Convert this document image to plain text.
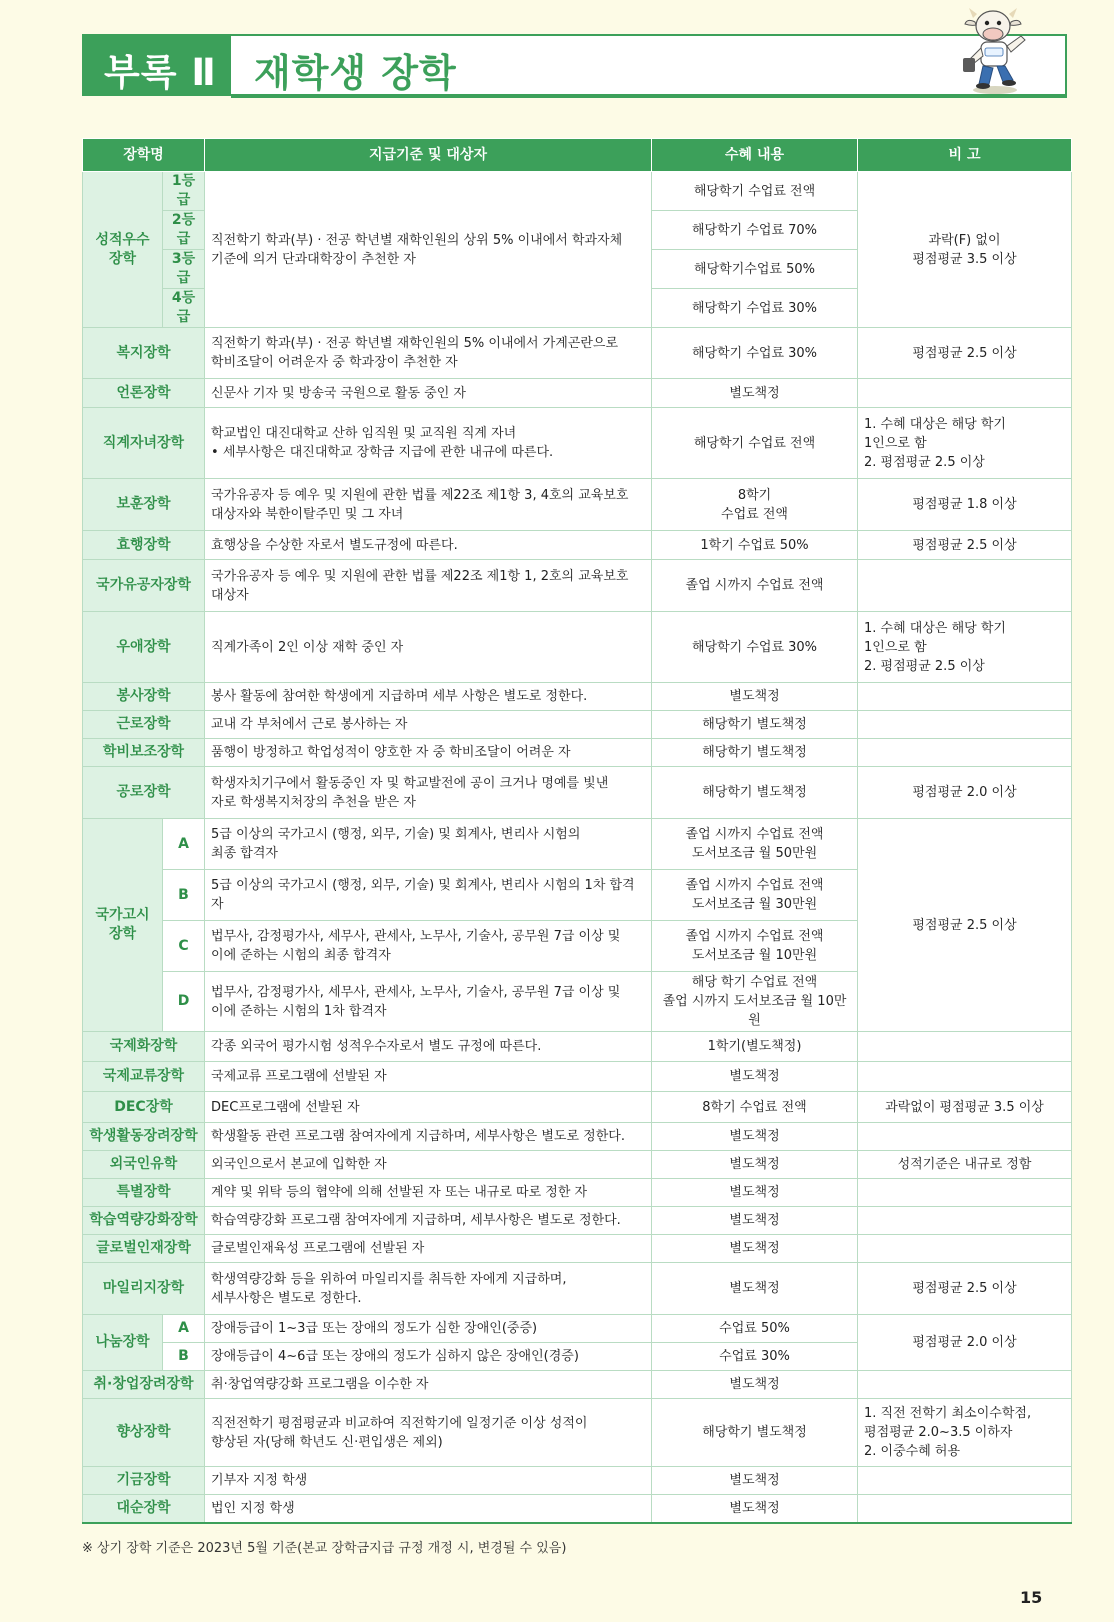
부록 Ⅱ 재학생 장학
장학명		지급기준 및 대상자	수혜 내용	비 고
성적우수
장학	1등급	직전학기 학과(부) · 전공 학년별 재학인원의 상위 5% 이내에서 학과자체
기준에 의거 단과대학장이 추천한 자	해당학기 수업료 전액	과락(F) 없이
평점평균 3.5 이상
	2등급		해당학기 수업료 70%	
	3등급		해당학기수업료 50%	
	4등급		해당학기 수업료 30%	
복지장학		직전학기 학과(부) · 전공 학년별 재학인원의 5% 이내에서 가계곤란으로
학비조달이 어려운자 중 학과장이 추천한 자	해당학기 수업료 30%	평점평균 2.5 이상
언론장학		신문사 기자 및 방송국 국원으로 활동 중인 자	별도책정	
직계자녀장학		학교법인 대진대학교 산하 임직원 및 교직원 직계 자녀
• 세부사항은 대진대학교 장학금 지급에 관한 내규에 따른다.	해당학기 수업료 전액	1. 수혜 대상은 해당 학기
1인으로 함
2. 평점평균 2.5 이상
보훈장학		국가유공자 등 예우 및 지원에 관한 법률 제22조 제1항 3, 4호의 교육보호
대상자와 북한이탈주민 및 그 자녀	8학기
수업료 전액	평점평균 1.8 이상
효행장학		효행상을 수상한 자로서 별도규정에 따른다.	1학기 수업료 50%	평점평균 2.5 이상
국가유공자장학		국가유공자 등 예우 및 지원에 관한 법률 제22조 제1항 1, 2호의 교육보호
대상자	졸업 시까지 수업료 전액	
우애장학		직계가족이 2인 이상 재학 중인 자	해당학기 수업료 30%	1. 수혜 대상은 해당 학기
1인으로 함
2. 평점평균 2.5 이상
봉사장학		봉사 활동에 참여한 학생에게 지급하며 세부 사항은 별도로 정한다.	별도책정	
근로장학		교내 각 부처에서 근로 봉사하는 자	해당학기 별도책정	
학비보조장학		품행이 방정하고 학업성적이 양호한 자 중 학비조달이 어려운 자	해당학기 별도책정	
공로장학		학생자치기구에서 활동중인 자 및 학교발전에 공이 크거나 명예를 빛낸
자로 학생복지처장의 추천을 받은 자	해당학기 별도책정	평점평균 2.0 이상
국가고시장학	A	5급 이상의 국가고시 (행정, 외무, 기술) 및 회계사, 변리사 시험의
최종 합격자	졸업 시까지 수업료 전액
도서보조금 월 50만원	평점평균 2.5 이상
	B	5급 이상의 국가고시 (행정, 외무, 기술) 및 회계사, 변리사 시험의 1차 합격자	졸업 시까지 수업료 전액
도서보조금 월 30만원	
	C	법무사, 감정평가사, 세무사, 관세사, 노무사, 기술사, 공무원 7급 이상 및
이에 준하는 시험의 최종 합격자	졸업 시까지 수업료 전액
도서보조금 월 10만원	
	D	법무사, 감정평가사, 세무사, 관세사, 노무사, 기술사, 공무원 7급 이상 및
이에 준하는 시험의 1차 합격자	해당 학기 수업료 전액
졸업 시까지 도서보조금 월 10만원	
국제화장학		각종 외국어 평가시험 성적우수자로서 별도 규정에 따른다.	1학기(별도책정)	
국제교류장학		국제교류 프로그램에 선발된 자	별도책정	
DEC장학		DEC프로그램에 선발된 자	8학기 수업료 전액	과락없이 평점평균 3.5 이상
학생활동장려장학		학생활동 관련 프로그램 참여자에게 지급하며, 세부사항은 별도로 정한다.	별도책정	
외국인유학		외국인으로서 본교에 입학한 자	별도책정	성적기준은 내규로 정함
특별장학		계약 및 위탁 등의 협약에 의해 선발된 자 또는 내규로 따로 정한 자	별도책정	
학습역량강화장학		학습역량강화 프로그램 참여자에게 지급하며, 세부사항은 별도로 정한다.	별도책정	
글로벌인재장학		글로벌인재육성 프로그램에 선발된 자	별도책정	
마일리지장학		학생역량강화 등을 위하여 마일리지를 취득한 자에게 지급하며,
세부사항은 별도로 정한다.	별도책정	평점평균 2.5 이상
나눔장학	A	장애등급이 1~3급 또는 장애의 정도가 심한 장애인(중증)	수업료 50%	평점평균 2.0 이상
	B	장애등급이 4~6급 또는 장애의 정도가 심하지 않은 장애인(경증)	수업료 30%	
취·창업장려장학		취·창업역량강화 프로그램을 이수한 자	별도책정	
향상장학		직전전학기 평점평균과 비교하여 직전학기에 일정기준 이상 성적이
향상된 자(당해 학년도 신·편입생은 제외)	해당학기 별도책정	1. 직전 전학기 최소이수학점,
평점평균 2.0~3.5 이하자
2. 이중수혜 허용
기금장학		기부자 지정 학생	별도책정	
대순장학		법인 지정 학생	별도책정	
※ 상기 장학 기준은 2023년 5월 기준(본교 장학금지급 규정 개정 시, 변경될 수 있음)
15
